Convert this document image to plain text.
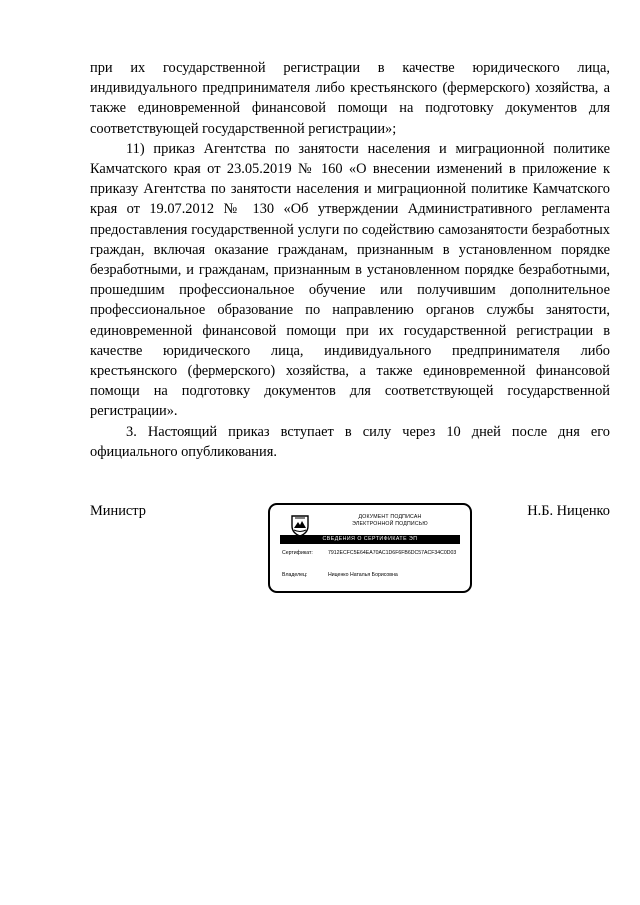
при их государственной регистрации в качестве юридического лица, индивидуального предпринимателя либо крестьянского (фермерского) хозяйства, а также единовременной финансовой помощи на подготовку документов для соответствующей государственной регистрации»;

11) приказ Агентства по занятости населения и миграционной политике Камчатского края от 23.05.2019 № 160 «О внесении изменений в приложение к приказу Агентства по занятости населения и миграционной политике Камчатского края от 19.07.2012 № 130 «Об утверждении Административного регламента предоставления государственной услуги по содействию самозанятости безработных граждан, включая оказание гражданам, признанным в установленном порядке безработными, и гражданам, признанным в установленном порядке безработными, прошедшим профессиональное обучение или получившим дополнительное профессиональное образование по направлению органов службы занятости, единовременной финансовой помощи при их государственной регистрации в качестве юридического лица, индивидуального предпринимателя либо крестьянского (фермерского) хозяйства, а также единовременной финансовой помощи на подготовку документов для соответствующей государственной регистрации».

3. Настоящий приказ вступает в силу через 10 дней после дня его официального опубликования.

Министр	ДОКУМЕНТ ПОДПИСАН
ЭЛЕКТРОННОЙ ПОДПИСЬЮ
СВЕДЕНИЯ О СЕРТИФИКАТЕ ЭП
Сертификат:	7912ECFC5E64EA70AC1D6F6FB6DC57ACF34C0D03
Владелец:	Ниценко Наталья Борисовна
Н.Б. Ниценко
